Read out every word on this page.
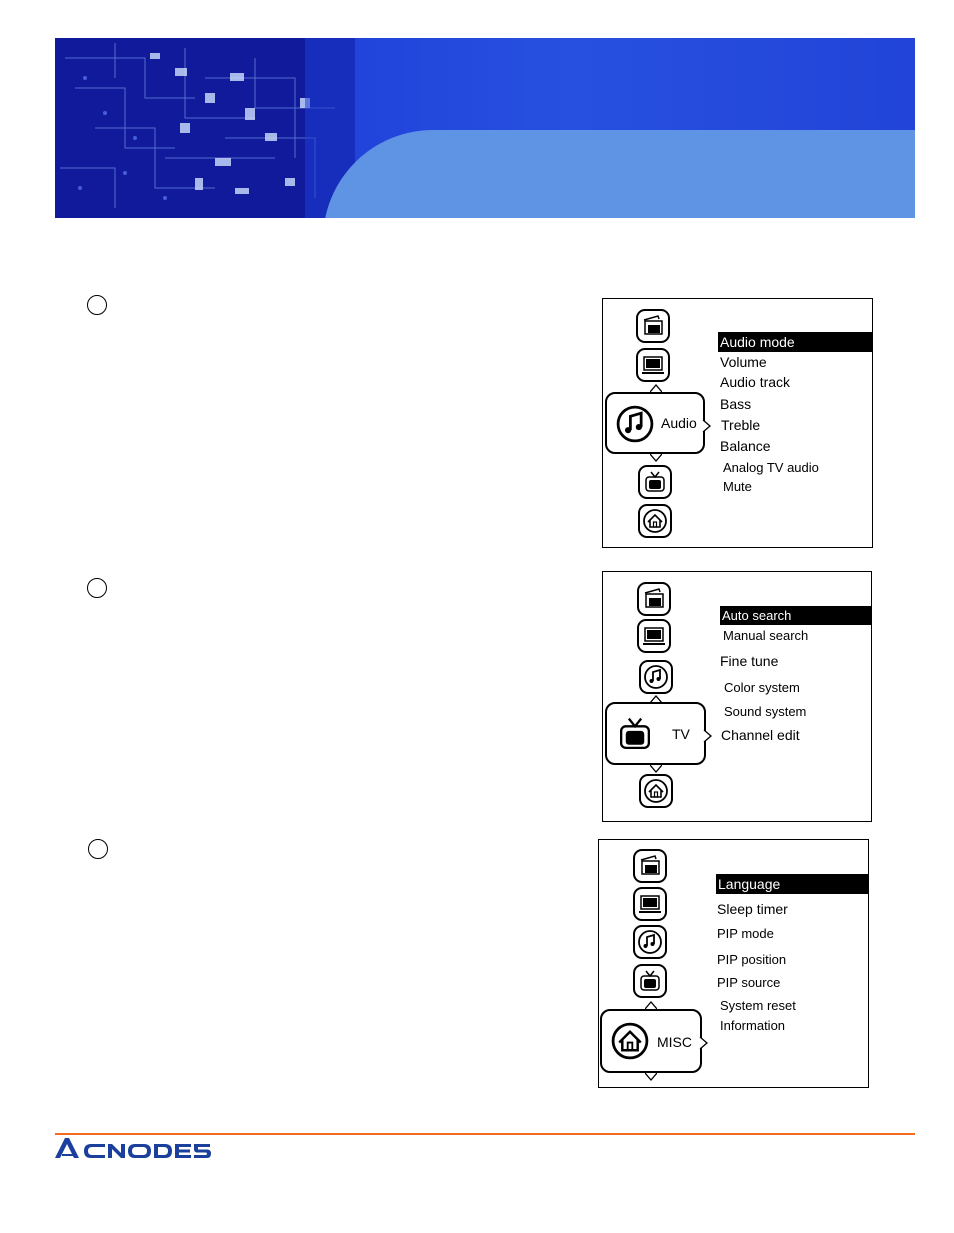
Audio
Audio mode
Volume
Audio track
Bass
Treble
Balance
Analog TV audio
Mute
TV
Auto search
Manual search
Fine tune
Color system
Sound system
Channel edit
MISC
Language
Sleep timer
PIP mode
PIP position
PIP source
System reset
Information
